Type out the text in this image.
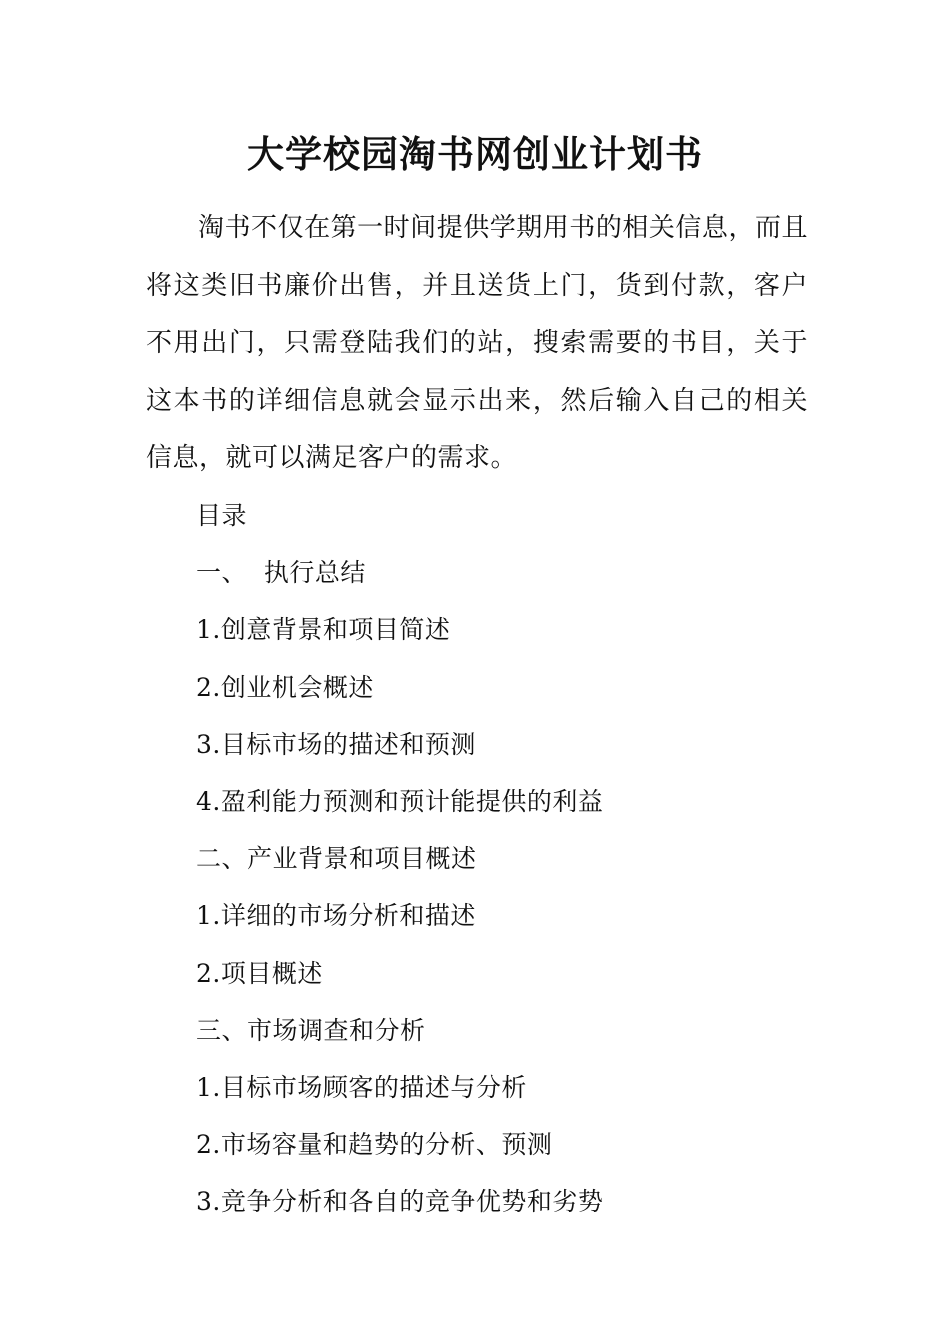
大学校园淘书网创业计划书

淘书不仅在第一时间提供学期用书的相关信息，而且将这类旧书廉价出售，并且送货上门，货到付款，客户不用出门，只需登陆我们的站，搜索需要的书目，关于这本书的详细信息就会显示出来，然后输入自己的相关信息，就可以满足客户的需求。

目录
一、  执行总结
1.创意背景和项目简述
2.创业机会概述
3.目标市场的描述和预测
4.盈利能力预测和预计能提供的利益
二、产业背景和项目概述
1.详细的市场分析和描述
2.项目概述
三、市场调查和分析
1.目标市场顾客的描述与分析
2.市场容量和趋势的分析、预测
3.竞争分析和各自的竞争优势和劣势
